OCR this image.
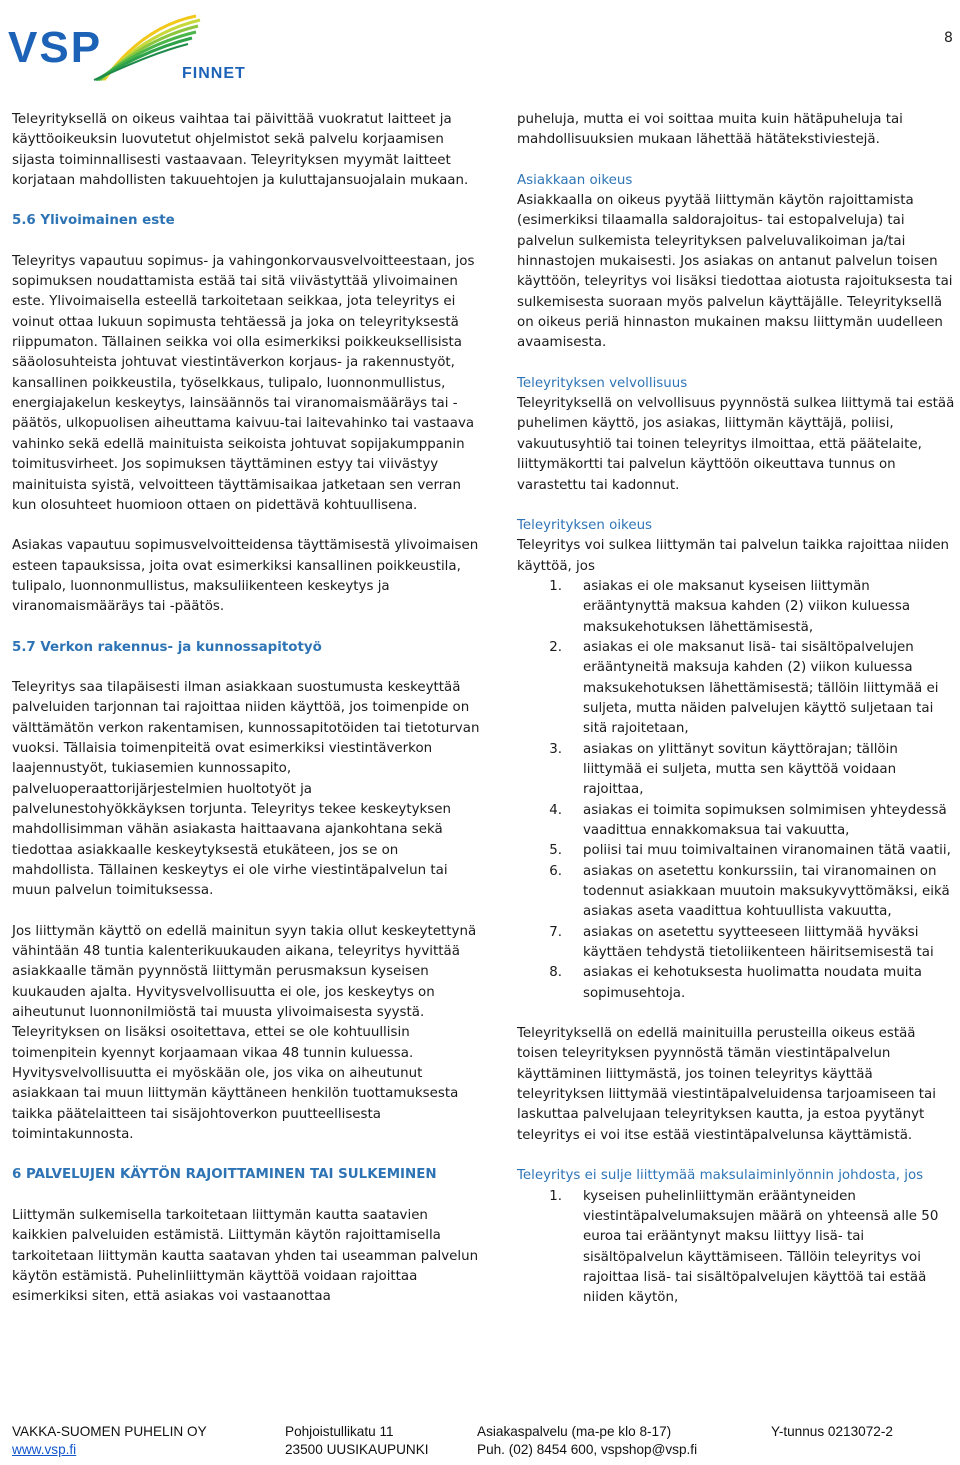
VSP
FINNET
8

Teleyrityksellä on oikeus vaihtaa tai päivittää vuokratut laitteet ja käyttöoikeuksin luovutetut ohjelmistot sekä palvelu korjaamisen sijasta toiminnallisesti vastaavaan. Teleyrityksen myymät laitteet korjataan mahdollisten takuuehtojen ja kuluttajansuojalain mukaan.

5.6 Ylivoimainen este

Teleyritys vapautuu sopimus- ja vahingonkorvausvelvoitteestaan, jos sopimuksen noudattamista estää tai sitä viivästyttää ylivoimainen este. Ylivoimaisella esteellä tarkoitetaan seikkaa, jota teleyritys ei voinut ottaa lukuun sopimusta tehtäessä ja joka on teleyrityksestä riippumaton. Tällainen seikka voi olla esimerkiksi poikkeuksellisista sääolosuhteista johtuvat viestintäverkon korjaus- ja rakennustyöt, kansallinen poikkeustila, työselkkaus, tulipalo, luonnonmullistus, energiajakelun keskeytys, lainsäännös tai viranomaismääräys tai -päätös, ulkopuolisen aiheuttama kaivuu-tai laitevahinko tai vastaava vahinko sekä edellä mainituista seikoista johtuvat sopijakumppanin toimitusvirheet. Jos sopimuksen täyttäminen estyy tai viivästyy mainituista syistä, velvoitteen täyttämisaikaa jatketaan sen verran kun olosuhteet huomioon ottaen on pidettävä kohtuullisena.

Asiakas vapautuu sopimusvelvoitteidensa täyttämisestä ylivoimaisen esteen tapauksissa, joita ovat esimerkiksi kansallinen poikkeustila, tulipalo, luonnonmullistus, maksuliikenteen keskeytys ja viranomaismääräys tai -päätös.

5.7 Verkon rakennus- ja kunnossapitotyö

Teleyritys saa tilapäisesti ilman asiakkaan suostumusta keskeyttää palveluiden tarjonnan tai rajoittaa niiden käyttöä, jos toimenpide on välttämätön verkon rakentamisen, kunnossapitotöiden tai tietoturvan vuoksi. Tällaisia toimenpiteitä ovat esimerkiksi viestintäverkon laajennustyöt, tukiasemien kunnossapito, palveluoperaattorijärjestelmien huoltotyöt ja palvelunestohyökkäyksen torjunta. Teleyritys tekee keskeytyksen mahdollisimman vähän asiakasta haittaavana ajankohtana sekä tiedottaa asiakkaalle keskeytyksestä etukäteen, jos se on mahdollista. Tällainen keskeytys ei ole virhe viestintäpalvelun tai muun palvelun toimituksessa.

Jos liittymän käyttö on edellä mainitun syyn takia ollut keskeytettynä vähintään 48 tuntia kalenterikuukauden aikana, teleyritys hyvittää asiakkaalle tämän pyynnöstä liittymän perusmaksun kyseisen kuukauden ajalta. Hyvitysvelvollisuutta ei ole, jos keskeytys on aiheutunut luonnonilmiöstä tai muusta ylivoimaisesta syystä. Teleyrityksen on lisäksi osoitettava, ettei se ole kohtuullisin toimenpitein kyennyt korjaamaan vikaa 48 tunnin kuluessa. Hyvitysvelvollisuutta ei myöskään ole, jos vika on aiheutunut asiakkaan tai muun liittymän käyttäneen henkilön tuottamuksesta taikka päätelaitteen tai sisäjohtoverkon puutteellisesta toimintakunnosta.

6 PALVELUJEN KÄYTÖN RAJOITTAMINEN TAI SULKEMINEN

Liittymän sulkemisella tarkoitetaan liittymän kautta saatavien kaikkien palveluiden estämistä. Liittymän käytön rajoittamisella tarkoitetaan liittymän kautta saatavan yhden tai useamman palvelun käytön estämistä. Puhelinliittymän käyttöä voidaan rajoittaa esimerkiksi siten, että asiakas voi vastaanottaa

puheluja, mutta ei voi soittaa muita kuin hätäpuheluja tai mahdollisuuksien mukaan lähettää hätätekstiviestejä.

Asiakkaan oikeus

Asiakkaalla on oikeus pyytää liittymän käytön rajoittamista (esimerkiksi tilaamalla saldorajoitus- tai estopalveluja) tai palvelun sulkemista teleyrityksen palveluvalikoiman ja/tai hinnastojen mukaisesti. Jos asiakas on antanut palvelun toisen käyttöön, teleyritys voi lisäksi tiedottaa aiotusta rajoituksesta tai sulkemisesta suoraan myös palvelun käyttäjälle. Teleyrityksellä on oikeus periä hinnaston mukainen maksu liittymän uudelleen avaamisesta.

Teleyrityksen velvollisuus

Teleyrityksellä on velvollisuus pyynnöstä sulkea liittymä tai estää puhelimen käyttö, jos asiakas, liittymän käyttäjä, poliisi, vakuutusyhtiö tai toinen teleyritys ilmoittaa, että päätelaite, liittymäkortti tai palvelun käyttöön oikeuttava tunnus on varastettu tai kadonnut.

Teleyrityksen oikeus

Teleyritys voi sulkea liittymän tai palvelun taikka rajoittaa niiden käyttöä, jos

1.	asiakas ei ole maksanut kyseisen liittymän erääntynyttä maksua kahden (2) viikon kuluessa maksukehotuksen lähettämisestä,
2.	asiakas ei ole maksanut lisä- tai sisältöpalvelujen erääntyneitä maksuja kahden (2) viikon kuluessa maksukehotuksen lähettämisestä; tällöin liittymää ei suljeta, mutta näiden palvelujen käyttö suljetaan tai sitä rajoitetaan,
3.	asiakas on ylittänyt sovitun käyttörajan; tällöin liittymää ei suljeta, mutta sen käyttöä voidaan rajoittaa,
4.	asiakas ei toimita sopimuksen solmimisen yhteydessä vaadittua ennakkomaksua tai vakuutta,
5.	poliisi tai muu toimivaltainen viranomainen tätä vaatii,
6.	asiakas on asetettu konkurssiin, tai viranomainen on todennut asiakkaan muutoin maksukyvyttömäksi, eikä asiakas aseta vaadittua kohtuullista vakuutta,
7.	asiakas on asetettu syytteeseen liittymää hyväksi käyttäen tehdystä tietoliikenteen häiritsemisestä tai
8.	asiakas ei kehotuksesta huolimatta noudata muita sopimusehtoja.

Teleyrityksellä on edellä mainituilla perusteilla oikeus estää toisen teleyrityksen pyynnöstä tämän viestintäpalvelun käyttäminen liittymästä, jos toinen teleyritys käyttää teleyrityksen liittymää viestintäpalveluidensa tarjoamiseen tai laskuttaa palvelujaan teleyrityksen kautta, ja estoa pyytänyt teleyritys ei voi itse estää viestintäpalvelunsa käyttämistä.

Teleyritys ei sulje liittymää maksulaiminlyönnin johdosta, jos

1.	kyseisen puhelinliittymän erääntyneiden viestintäpalvelumaksujen määrä on yhteensä alle 50 euroa tai erääntynyt maksu liittyy lisä- tai sisältöpalvelun käyttämiseen. Tällöin teleyritys voi rajoittaa lisä- tai sisältöpalvelujen käyttöä tai estää niiden käytön,
VAKKA-SUOMEN PUHELIN OY
www.vsp.fi
Pohjoistullikatu 11
23500 UUSIKAUPUNKI
Asiakaspalvelu (ma-pe klo 8-17)
Puh. (02) 8454 600, vspshop@vsp.fi
Y-tunnus 0213072-2
